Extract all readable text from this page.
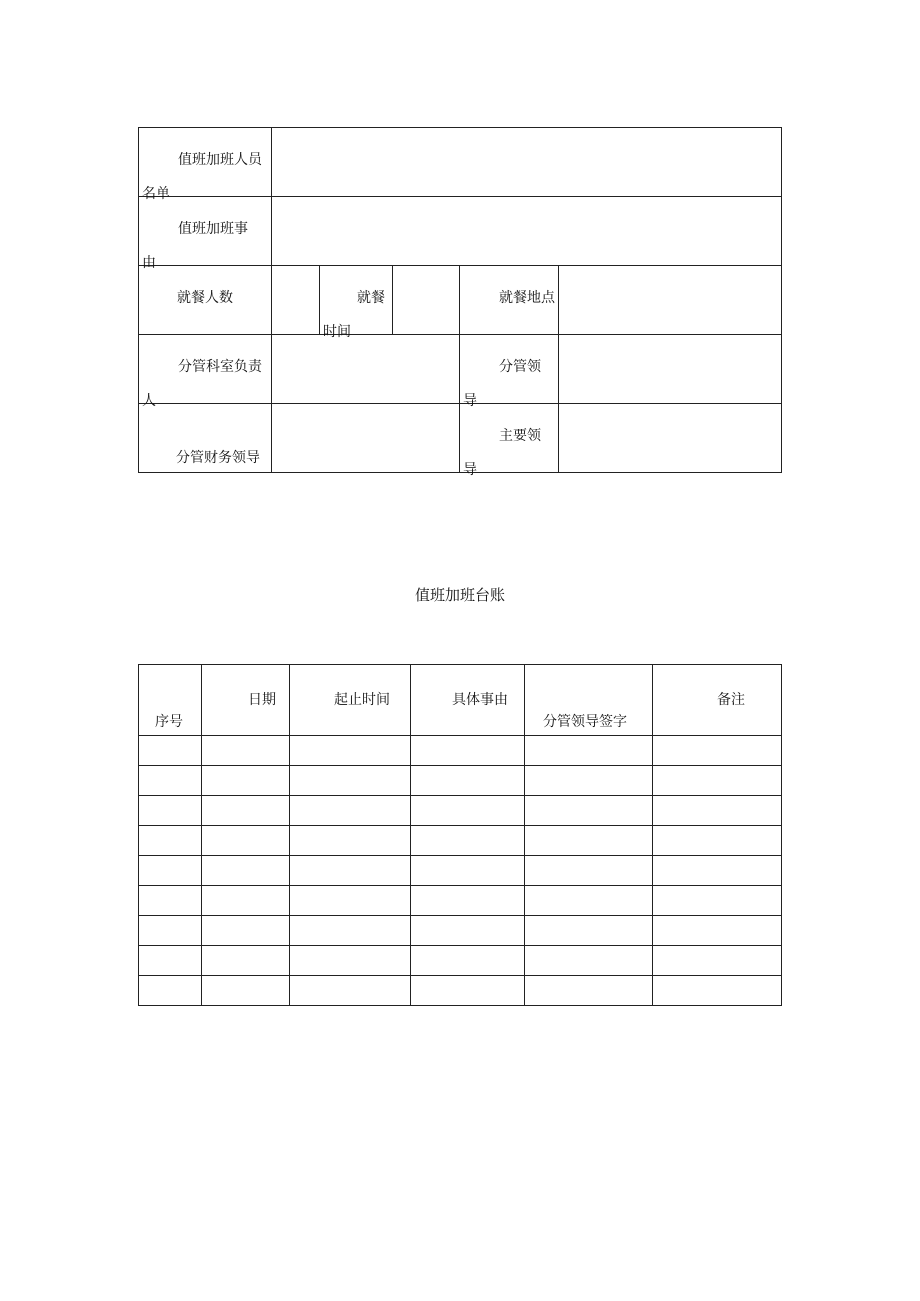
值班加班人员名单					

值班加班事由					

就餐人数		就餐时间		就餐地点	

分管科室负责人				分管领导	

分管财务领导				主要领导	

值班加班台账
序号	日期	起止时间	具体事由	分管领导签字	备注
